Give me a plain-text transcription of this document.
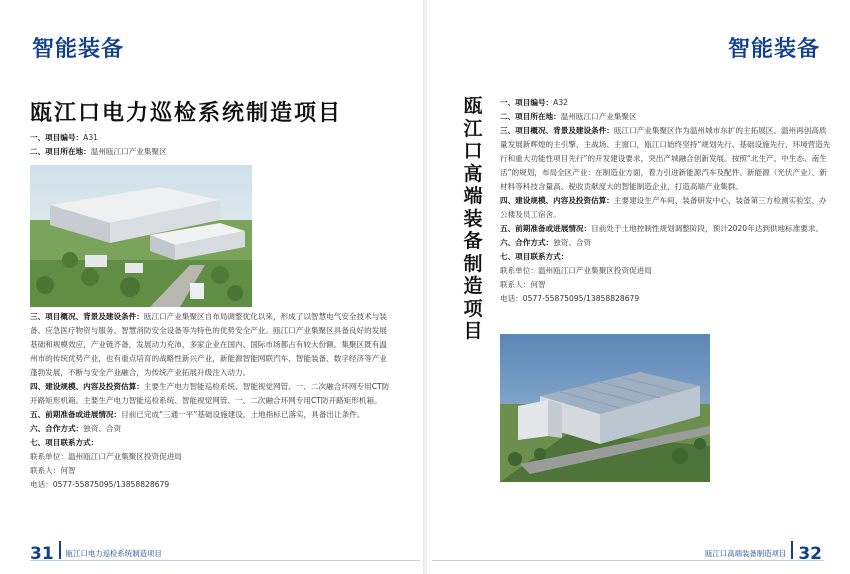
智能装备
瓯江口电力巡检系统制造项目

一、项目编号：A31

二、项目所在地：温州瓯江口产业集聚区

三、项目概况、背景及建设条件：瓯江口产业集聚区自布局调整优化以来，形成了以智慧电气安全技术与装备、应急医疗物资与服务、智慧消防安全设备等为特色的优势安全产业。瓯江口产业集聚区具备良好的发展基础和规模效应，产业链齐备，发展动力充沛，多家企业在国内、国际市场都占有较大份额。集聚区既有温州市的传统优势产业，也有重点培育的战略性新兴产业，新能源智能网联汽车、智能装备、数字经济等产业蓬勃发展，不断与安全产业融合，为传统产业拓展升级注入动力。

四、建设规模、内容及投资估算：主要生产电力智能巡检系统、智能视觉网管、一、二次融合环网专用CT防开路矩形机箱。主要生产电力智能巡检系统、智能视觉网管、一、二次融合环网专用CT防开路矩形机箱。

五、前期准备或进展情况：目前已完成“三通一平”基础设施建设，土地指标已落实，具备出让条件。

六、合作方式：独资、合资

七、项目联系方式：

联系单位：温州瓯江口产业集聚区投资促进局

联系人：何智

电话：0577-55875095/13858828679

31 瓯江口电力巡检系统制造项目
智能装备
瓯
江
口
高
端
装
备
制
造
项
目

一、项目编号：A32

二、项目所在地：温州瓯江口产业集聚区

三、项目概况、背景及建设条件：瓯江口产业集聚区作为温州城市东扩的主拓展区、温州再创高质量发展新辉煌的主引擎、主战场、主窗口，瓯江口始终坚持“规划先行、基础设施先行、环境营造先行和重大功能性项目先行”的开发建设要求，突出产城融合创新发展。按照“北生产、中生态、南生活”的规划，布局全区产业：在制造业方面，着力引进新能源汽车及配件、新能源（光伏产业）、新材料等科技含量高、税收贡献度大的智能制造企业，打造高端产业集群。

四、建设规模、内容及投资估算：主要建设生产车间、装备研发中心、装备第三方检测实验室、办公楼及员工宿舍。

五、前期准备或进展情况：目前处于土地控制性规划调整阶段，预计2020年达到供地标准要求。

六、合作方式：独资、合资

七、项目联系方式：

联系单位：温州瓯江口产业集聚区投资促进局

联系人：何智

电话：0577-55875095/13858828679

瓯江口高端装备制造项目 32
